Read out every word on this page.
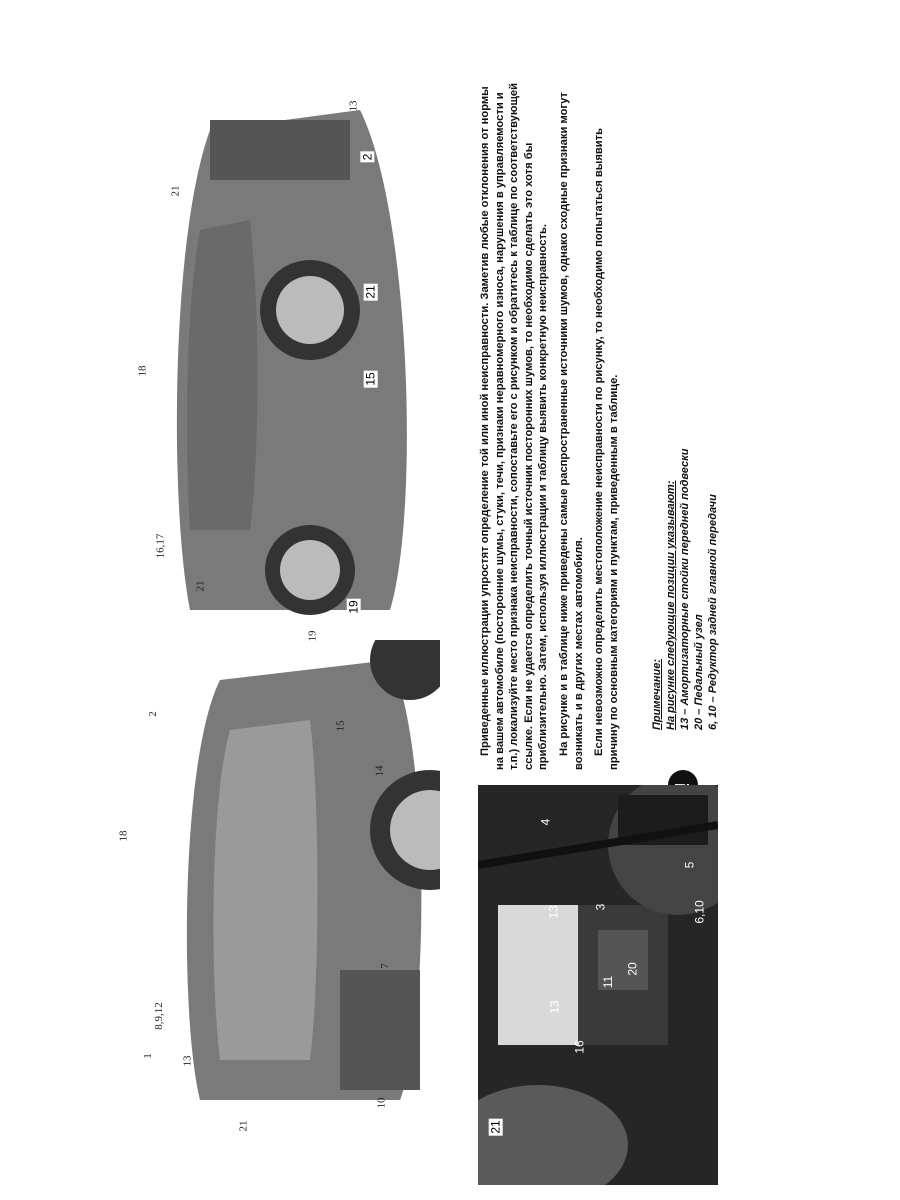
Приведенные иллюстрации упростят определение той или иной неисправности. Заметив любые отклонения от нормы на вашем автомобиле (посторонние шумы, стуки, течи, признаки неравномерного износа, нарушения в управляемости и т.п.) локализуйте место признака неисправности, сопоставьте его с рисунком и обратитесь к таблице по соответствующей ссылке. Если не удается определить точный источник посторонних шумов, то необходимо сделать это хотя бы приблизительно. Затем, используя иллюстрации и таблицу выявить конкретную неисправность. На рисунке и в таблице ниже приведены самые распространенные источники шумов, однако сходные признаки могут возникать и в других местах автомобиля. Если невозможно определить местоположение неисправности по рисунку, то необходимо попытаться выявить причину по основным категориям и пунктам, приведенным в таблице.	Примечание: На рисунке следующие позиции указывают: 13 – Амортизаторные стойки передней подвески 20 – Педальный узел 6, 10 – Редуктор задней главной передачи
21
16
13
11
20
3
13
4
6,10
5
1	13
21
10
8,9,12
18
7
2
15
14
19
16,17
21
19
18
15
21
2
13
21
